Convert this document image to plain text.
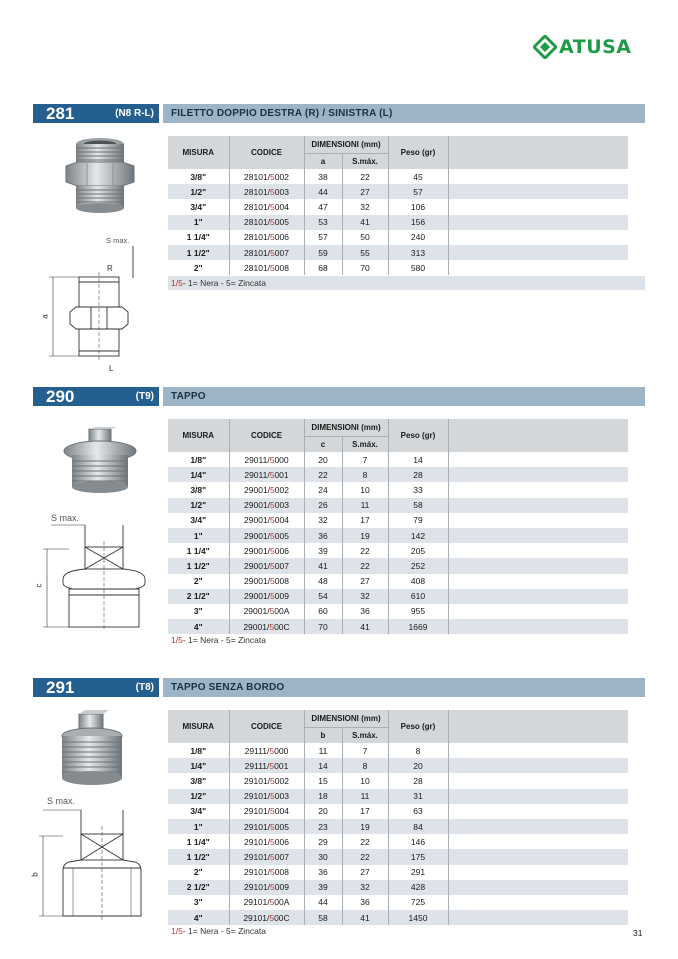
ATUSA
281	(N8 R-L) FILETTO DOPPIO DESTRA (R) / SINISTRA (L)
S max.
R
a
L
MISURA	CODICE	DIMENSIONI (mm)		Peso (gr)	
		a	S.máx.		
3/8"	28101/5002	38	22	45	
1/2"	28101/5003	44	27	57	
3/4"	28101/5004	47	32	106	
1"	28101/5005	53	41	156	
1 1/4"	28101/5006	57	50	240	
1 1/2"	28101/5007	59	55	313	
2"	28101/5008	68	70	580	
1/5 - 1= Nera - 5= Zincata
290	(T9) TAPPO
S max.
c
MISURA	CODICE	DIMENSIONI (mm)		Peso (gr)	
		c	S.máx.		
1/8"	29011/5000	20	7	14	
1/4"	29011/5001	22	8	28	
3/8"	29001/5002	24	10	33	
1/2"	29001/5003	26	11	58	
3/4"	29001/5004	32	17	79	
1"	29001/5005	36	19	142	
1 1/4"	29001/5006	39	22	205	
1 1/2"	29001/5007	41	22	252	
2"	29001/5008	48	27	408	
2 1/2"	29001/5009	54	32	610	
3"	29001/500A	60	36	955	
4"	29001/500C	70	41	1669	
1/5 - 1= Nera - 5= Zincata
291	(T8) TAPPO SENZA BORDO
S max.
b
MISURA	CODICE	DIMENSIONI (mm)		Peso (gr)	
		b	S.máx.		
1/8"	29111/5000	11	7	8	
1/4"	29111/5001	14	8	20	
3/8"	29101/5002	15	10	28	
1/2"	29101/5003	18	11	31	
3/4"	29101/5004	20	17	63	
1"	29101/5005	23	19	84	
1 1/4"	29101/5006	29	22	146	
1 1/2"	29101/5007	30	22	175	
2"	29101/5008	36	27	291	
2 1/2"	29101/5009	39	32	428	
3"	29101/500A	44	36	725	
4"	29101/500C	58	41	1450	
1/5 - 1= Nera - 5= Zincata	31
